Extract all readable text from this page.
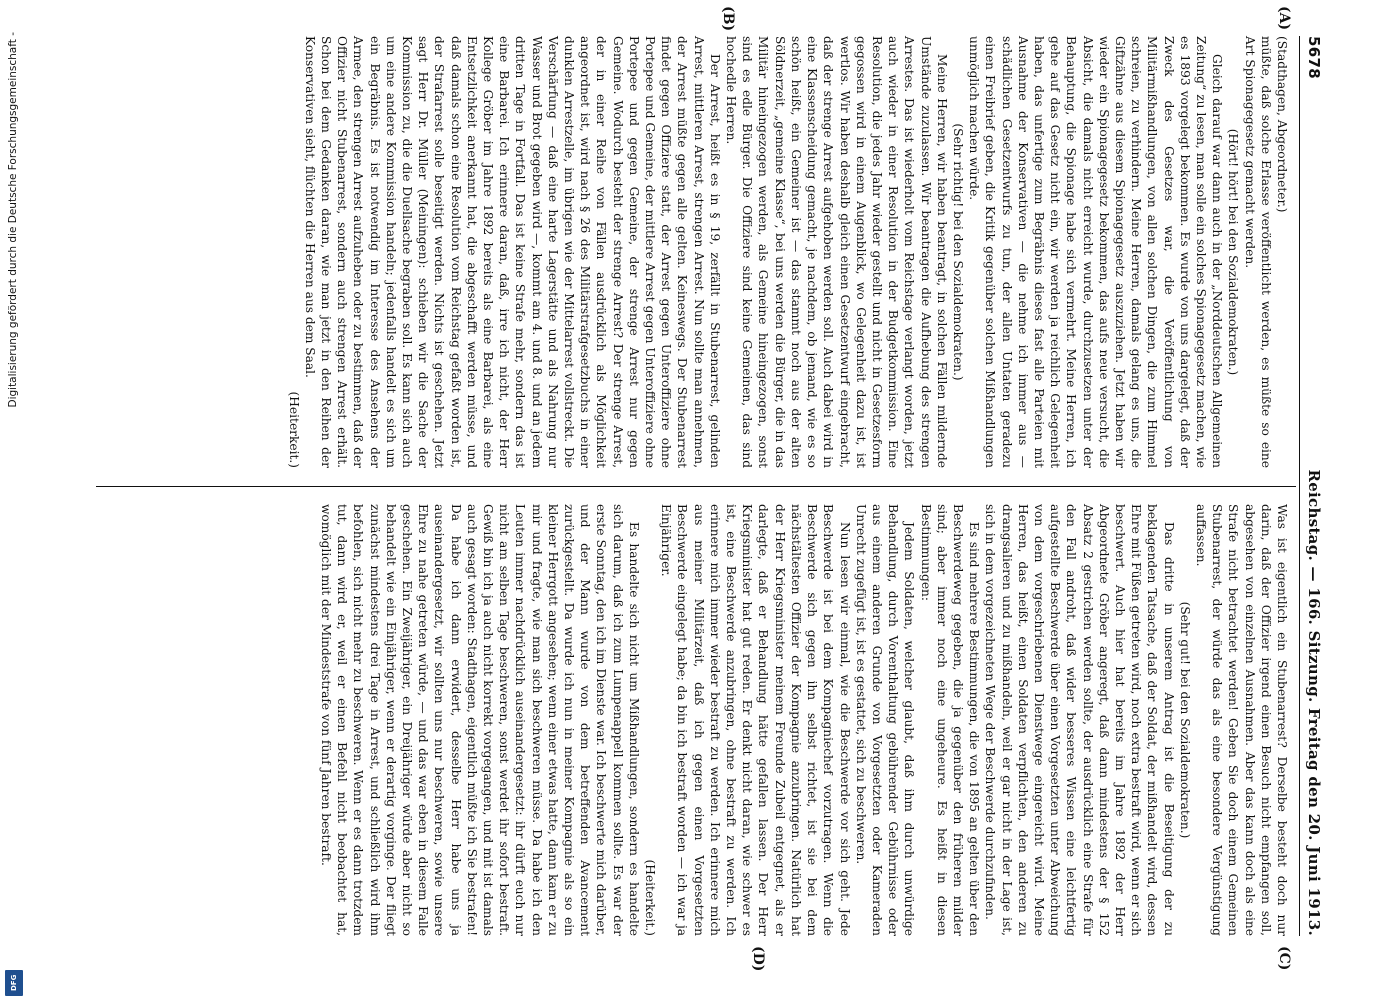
5678
Reichstag. — 166. Sitzung. Freitag den 20. Juni 1913.
(A)
(B)
(C)
(D)

(Stadthagen, Abgeordneter.)

müßte, daß solche Erlasse veröffentlicht werden, es müßte so eine Art Spionagegesetz gemacht werden.

(Hört! hört! bei den Sozialdemokraten.)

Gleich darauf war dann auch in der „Norddeutschen Allgemeinen Zeitung“ zu lesen, man solle ein solches Spionagegesetz machen, wie es 1893 vorgelegt bekommen. Es wurde von uns dargelegt, daß der Zweck des Gesetzes war, die Veröffentlichung von Militärmißhandlungen, von allen solchen Dingen, die zum Himmel schreien, zu verhindern. Meine Herren, damals gelang es uns, die Giftzähne aus diesem Spionagegesetz auszuziehen. Jetzt haben wir wieder ein Spionagegesetz bekommen, das aufs neue versucht, die Absicht, die damals nicht erreicht wurde, durchzusetzen unter der Behauptung, die Spionage habe sich vermehrt. Meine Herren, ich gehe auf das Gesetz nicht ein, wir werden ja reichlich Gelegenheit haben, das unfertige zum Begräbnis dieses fast alle Parteien mit Ausnahme der Konservativen — die nehme ich immer aus — schädlichen Gesetzentwurfs zu tun, der allen Untaten geradezu einen Freibrief geben, die Kritik gegenüber solchen Mißhandlungen unmöglich machen würde.

(Sehr richtig! bei den Sozialdemokraten.)

Meine Herren, wir haben beantragt, in solchen Fällen mildernde Umstände zuzulassen. Wir beantragen die Aufhebung des strengen Arrestes. Das ist wiederholt vom Reichstage verlangt worden, jetzt auch wieder in einer Resolution in der Budgetkommission. Eine Resolution, die jedes Jahr wieder gestellt und nicht in Gesetzesform gegossen wird in einem Augenblick, wo Gelegenheit dazu ist, ist wertlos. Wir haben deshalb gleich einen Gesetzentwurf eingebracht, daß der strenge Arrest aufgehoben werden soll. Auch dabei wird in eine Klassenscheidung gemacht, je nachdem, ob jemand, wie es so schön heißt, ein Gemeiner ist — das stammt noch aus der alten Söldnerzeit, „gemeine Klasse“, bei uns werden die Bürger, die in das Militär hineingezogen werden, als Gemeine hineingezogen, sonst sind es edle Bürger. Die Offiziere sind keine Gemeinen, das sind hochedle Herren.

Der Arrest, heißt es in § 19, zerfällt in Stubenarrest, gelinden Arrest, mittleren Arrest, strengen Arrest. Nun sollte man annehmen, der Arrest müßte gegen alle gelten. Keineswegs. Der Stubenarrest findet gegen Offiziere statt, der Arrest gegen Unteroffiziere ohne Portepee und Gemeine, der mittlere Arrest gegen Unteroffiziere ohne Portepee und gegen Gemeine, der strenge Arrest nur gegen Gemeine. Wodurch besteht der strenge Arrest? Der strenge Arrest, der in einer Reihe von Fällen ausdrücklich als Möglichkeit angeordnet ist, wird nach § 26 des Militärstrafgesetzbuchs in einer dunklen Arrestzelle, im übrigen wie der Mittelarrest vollstreckt. Die Verschärfung — daß eine harte Lagerstätte und als Nahrung nur Wasser und Brot gegeben wird —, kommt am 4. und 8. und an jedem dritten Tage in Fortfall. Das ist keine Strafe mehr, sondern das ist eine Barbarei. Ich erinnere daran, daß, irre ich nicht, der Herr Kollege Gröber im Jahre 1892 bereits als eine Barbarei, als eine Entsetzlichkeit anerkannt hat, die abgeschafft werden müsse, und daß damals schon eine Resolution vom Reichstag gefaßt worden ist, der Strafarrest solle beseitigt werden. Nichts ist geschehen. Jetzt sagt Herr Dr. Müller (Meiningen): schieben wir die Sache der Kommission zu, die die Duellsache begraben soll. Es kann sich auch um eine andere Kommission handeln; jedenfalls handelt es sich um ein Begräbnis. Es ist notwendig im Interesse des Ansehens der Armee, den strengen Arrest aufzuheben oder zu bestimmen, daß der Offizier nicht Stubenarrest, sondern auch strengen Arrest erhält. Schon bei dem Gedanken daran, wie man jetzt in den Reihen der Konservativen sieht, flüchten die Herren aus dem Saal.

(Heiterkeit.)

Was ist eigentlich ein Stubenarrest? Derselbe besteht doch nur darin, daß der Offizier irgend einen Besuch nicht empfangen soll, abgesehen von einzelnen Ausnahmen. Aber das kann doch als eine Strafe nicht betrachtet werden! Geben Sie doch einem Gemeinen Stubenarrest, der würde das als eine besondere Vergünstigung auffassen.

(Sehr gut! bei den Sozialdemokraten.)

Das dritte in unserem Antrag ist die Beseitigung der zu beklagenden Tatsache, daß der Soldat, der mißhandelt wird, dessen Ehre mit Füßen getreten wird, noch extra bestraft wird, wenn er sich beschwert. Auch hier hat bereits im Jahre 1892 der Herr Abgeordnete Gröber angeregt, daß dann mindestens der § 152 Absatz 2 gestrichen werden sollte, der ausdrücklich eine Strafe für den Fall androht, daß wider besseres Wissen eine leichtfertig aufgestellte Beschwerde über einen Vorgesetzten unter Abweichung von dem vorgeschriebenen Dienstwege eingereicht wird. Meine Herren, das heißt, einen Soldaten verpflichten, den anderen zu drangsalieren und zu mißhandeln, weil er gar nicht in der Lage ist, sich in dem vorgezeichneten Wege der Beschwerde durchzufinden.

Es sind mehrere Bestimmungen, die von 1895 an gelten über den Beschwerdeweg gegeben, die ja gegenüber den früheren milder sind; aber immer noch eine ungeheure. Es heißt in diesen Bestimmungen:

Jedem Soldaten, welcher glaubt, daß ihm durch unwürdige Behandlung, durch Vorenthaltung gebührender Gebührnisse oder aus einem anderen Grunde von Vorgesetzten oder Kameraden Unrecht zugefügt ist, ist es gestattet, sich zu beschweren.

Nun lesen wir einmal, wie die Beschwerde vor sich geht. Jede Beschwerde ist bei dem Kompagniechef vorzutragen. Wenn die Beschwerde sich gegen ihn selbst richtet, ist sie bei dem nächstältesten Offizier der Kompagnie anzubringen. Natürlich hat der Herr Kriegsminister meinem Freunde Zubeil entgegnet, als er darlegte, daß er Behandlung hätte gefallen lassen. Der Herr Kriegsminister hat gut reden. Er denkt nicht daran, wie schwer es ist, eine Beschwerde anzubringen, ohne bestraft zu werden. Ich erinnere mich immer wieder bestraft zu werden. Ich erinnere mich aus meiner Militärzeit, daß ich gegen einen Vorgesetzten Beschwerde eingelegt habe; da bin ich bestraft worden — ich war ja Einjähriger.

(Heiterkeit.)

Es handelte sich nicht um Mißhandlungen, sondern es handelte sich darum, daß ich zum Lumpenappell kommen sollte. Es war der erste Sonntag, den ich im Dienste war. Ich beschwerte mich darüber, und der Mann wurde von dem betreffenden Avancement zurückgestellt. Da wurde ich nun in meiner Kompagnie als so ein kleiner Herrgott angesehen; wenn einer etwas hatte, dann kam er zu mir und fragte, wie man sich beschweren müsse. Da habe ich den Leuten immer nachdrücklich auseinandergesetzt: ihr dürft euch nur nicht am selben Tage beschweren, sonst werdet ihr sofort bestraft. Gewiß bin ich ja auch nicht korrekt vorgegangen, und mit ist damals auch gesagt worden: Stadthagen, eigentlich müßte ich Sie bestrafen! Da habe ich dann erwidert, desselbe Herr habe uns ja auseinandergesetzt, wir sollten uns nur beschweren, sowie unsere Ehre zu nahe getreten würde, — und das war eben in diesem Falle geschehen. Ein Zweijähriger, ein Dreijähriger würde aber nicht so behandelt wie ein Einjähriger, wenn er derartig vorginge. Der fliegt zunächst mindestens drei Tage in Arrest, und schließlich wird ihm befohlen, sich nicht mehr zu beschweren. Wenn er es dann trotzdem tut, dann wird er, weil er einen Befehl nicht beobachtet hat, womöglich mit der Mindeststrafe von fünf Jahren bestraft.

Digitalisierung gefördert durch die Deutsche Forschungsgemeinschaft -
DFG
